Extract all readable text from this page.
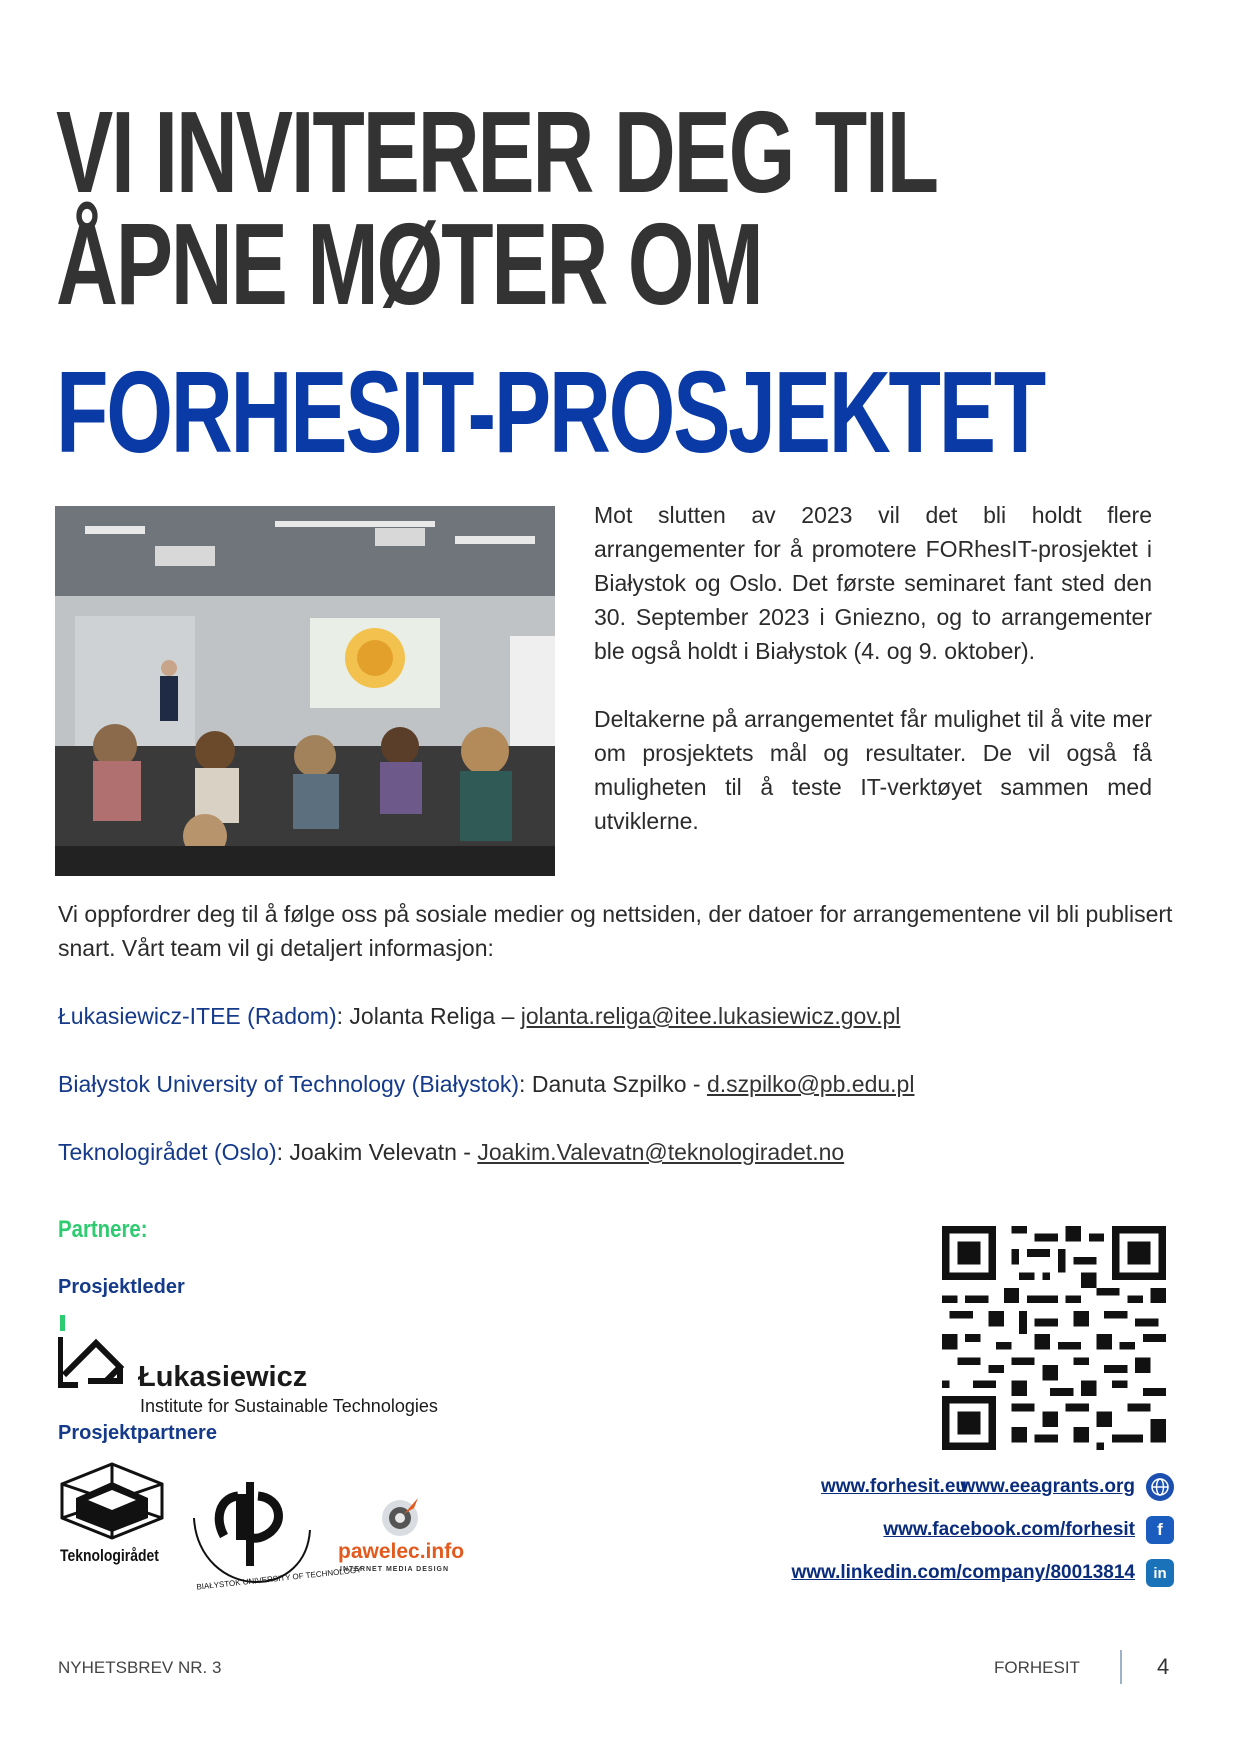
VI INVITERER DEG TIL
ÅPNE MØTER OM
FORHESIT-PROSJEKTET

Mot slutten av 2023 vil det bli holdt flere arrangementer for å promotere FORhesIT-prosjektet i Białystok og Oslo. Det første seminaret fant sted den 30. September 2023 i Gniezno, og to arrangementer ble også holdt i Białystok (4. og 9. oktober).

Deltakerne på arrangementet får mulighet til å vite mer om prosjektets mål og resultater. De vil også få muligheten til å teste IT-verktøyet sammen med utviklerne.

Vi oppfordrer deg til å følge oss på sosiale medier og nettsiden, der datoer for arrangementene vil bli publisert snart. Vårt team vil gi detaljert informasjon:
Łukasiewicz-ITEE (Radom): Jolanta Religa – jolanta.religa@itee.lukasiewicz.gov.pl
Białystok University of Technology (Białystok): Danuta Szpilko - d.szpilko@pb.edu.pl
Teknologirådet (Oslo): Joakim Velevatn - Joakim.Valevatn@teknologiradet.no
Partnere:
Prosjektleder
Łukasiewicz
Institute for Sustainable Technologies
Prosjektpartnere
Teknologirådet
BIAŁYSTOK UNIVERSITY OF TECHNOLOGY
pawelec.info
INTERNET MEDIA DESIGN
www.forhesit.eu
www.eeagrants.org
www.facebook.com/forhesit	f
www.linkedin.com/company/80013814	in
NYHETSBREV NR. 3	FORHESIT	4
